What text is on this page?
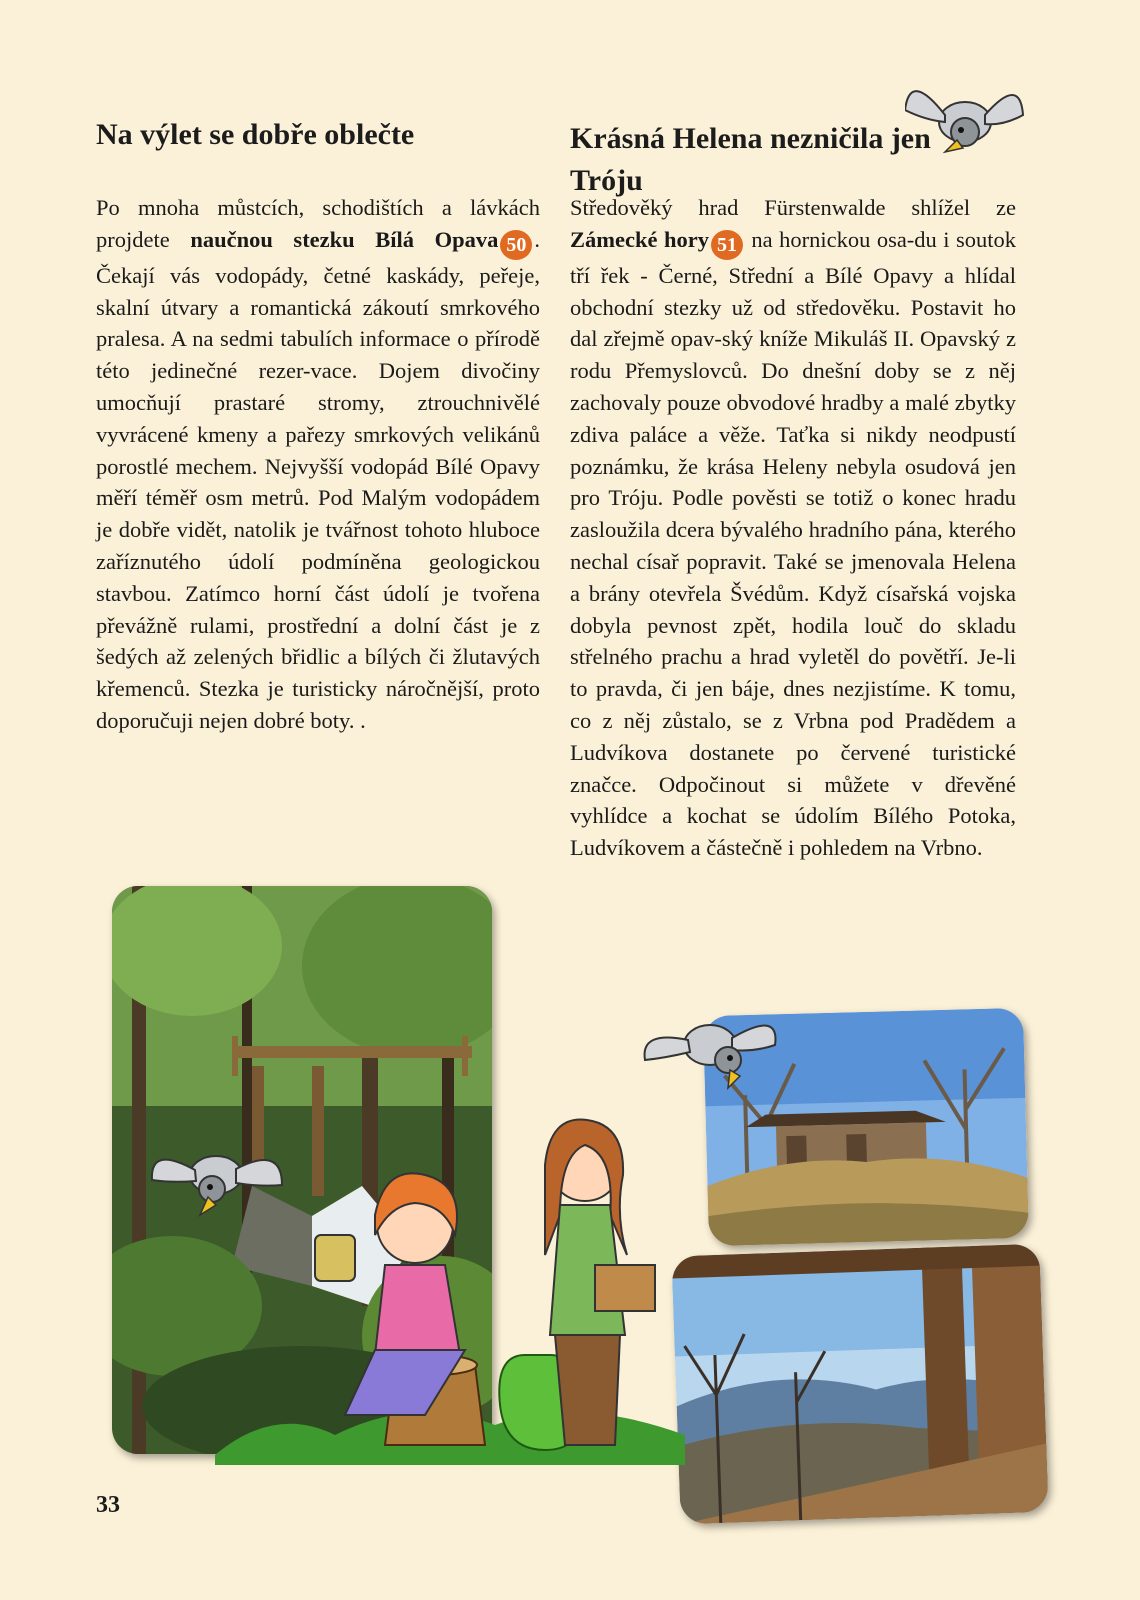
Na výlet se dobře oblečte
Po mnoha můstcích, schodištích a lávkách projdete naučnou stezku Bílá Opava 50 . Čekají vás vodopády, četné kaskády, peřeje, skalní útvary a romantická zákoutí smrkového pralesa. A na sedmi tabulích informace o přírodě této jedinečné rezer-vace. Dojem divočiny umocňují prastaré stromy, ztrouchnivělé vyvrácené kmeny a pařezy smrkových velikánů porostlé mechem. Nejvyšší vodopád Bílé Opavy měří téměř osm metrů. Pod Malým vodopádem je dobře vidět, natolik je tvářnost tohoto hluboce zaříznutého údolí podmíněna geologickou stavbou. Zatímco horní část údolí je tvořena převážně rulami, prostřední a dolní část je z šedých až zelených břidlic a bílých či žlutavých křemenců. Stezka je turisticky náročnější, proto doporučuji nejen dobré boty. .
Krásná Helena nezničila jen Tróju
Středověký hrad Fürstenwalde shlížel ze Zámecké hory 51 na hornickou osa-du i soutok tří řek - Černé, Střední a Bílé Opavy a hlídal obchodní stezky už od středověku. Postavit ho dal zřejmě opav-ský kníže Mikuláš II. Opavský z rodu Přemyslovců. Do dnešní doby se z něj zachovaly pouze obvodové hradby a malé zbytky zdiva paláce a věže. Taťka si nikdy neodpustí poznámku, že krása Heleny nebyla osudová jen pro Tróju. Podle pověsti se totiž o konec hradu zasloužila dcera bývalého hradního pána, kterého nechal císař popravit. Také se jmenovala Helena a brány otevřela Švédům. Když císařská vojska dobyla pevnost zpět, hodila louč do skladu střelného prachu a hrad vyletěl do povětří. Je-li to pravda, či jen báje, dnes nezjistíme. K tomu, co z něj zůstalo, se z Vrbna pod Pradědem a Ludvíkova dostanete po červené turistické značce. Odpočinout si můžete v dřevěné vyhlídce a kochat se údolím Bílého Potoka, Ludvíkovem a částečně i pohledem na Vrbno.
33
